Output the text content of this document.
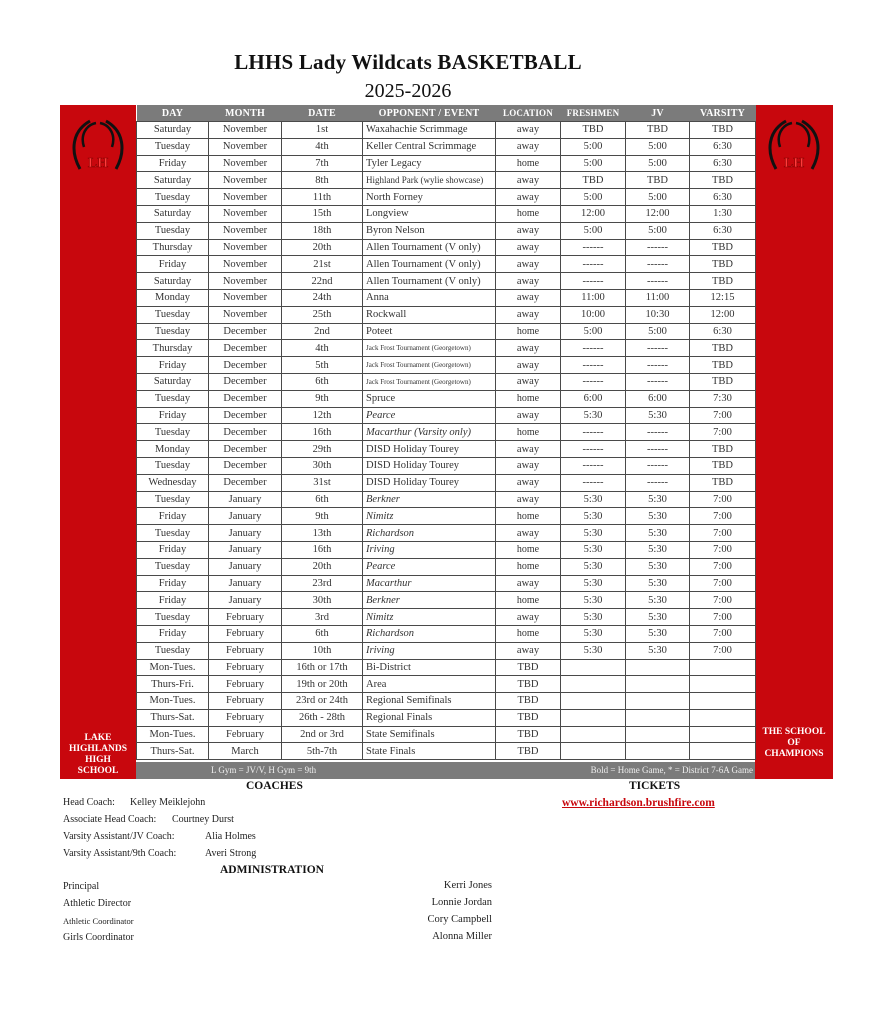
LHHS Lady Wildcats BASKETBALL
2025-2026
LH
LAKE
HIGHLANDS
HIGH
SCHOOL
LH
THE SCHOOL
OF
CHAMPIONS
DAY	MONTH	DATE	OPPONENT / EVENT	LOCATION	FRESHMEN	JV	VARSITY
Saturday	November	1st	Waxahachie Scrimmage	away	TBD	TBD	TBD
Tuesday	November	4th	Keller Central Scrimmage	away	5:00	5:00	6:30
Friday	November	7th	Tyler Legacy	home	5:00	5:00	6:30
Saturday	November	8th	Highland Park (wylie showcase)	away	TBD	TBD	TBD
Tuesday	November	11th	North Forney	away	5:00	5:00	6:30
Saturday	November	15th	Longview	home	12:00	12:00	1:30
Tuesday	November	18th	Byron Nelson	away	5:00	5:00	6:30
Thursday	November	20th	Allen Tournament (V only)	away	------	------	TBD
Friday	November	21st	Allen Tournament (V only)	away	------	------	TBD
Saturday	November	22nd	Allen Tournament (V only)	away	------	------	TBD
Monday	November	24th	Anna	away	11:00	11:00	12:15
Tuesday	November	25th	Rockwall	away	10:00	10:30	12:00
Tuesday	December	2nd	Poteet	home	5:00	5:00	6:30
Thursday	December	4th	Jack Frost Tournament (Georgetown)	away	------	------	TBD
Friday	December	5th	Jack Frost Tournament (Georgetown)	away	------	------	TBD
Saturday	December	6th	Jack Frost Tournament (Georgetown)	away	------	------	TBD
Tuesday	December	9th	Spruce	home	6:00	6:00	7:30
Friday	December	12th	Pearce	away	5:30	5:30	7:00
Tuesday	December	16th	Macarthur (Varsity only)	home	------	------	7:00
Monday	December	29th	DISD Holiday Tourey	away	------	------	TBD
Tuesday	December	30th	DISD Holiday Tourey	away	------	------	TBD
Wednesday	December	31st	DISD Holiday Tourey	away	------	------	TBD
Tuesday	January	6th	Berkner	away	5:30	5:30	7:00
Friday	January	9th	Nimitz	home	5:30	5:30	7:00
Tuesday	January	13th	Richardson	away	5:30	5:30	7:00
Friday	January	16th	Iriving	home	5:30	5:30	7:00
Tuesday	January	20th	Pearce	home	5:30	5:30	7:00
Friday	January	23rd	Macarthur	away	5:30	5:30	7:00
Friday	January	30th	Berkner	home	5:30	5:30	7:00
Tuesday	February	3rd	Nimitz	away	5:30	5:30	7:00
Friday	February	6th	Richardson	home	5:30	5:30	7:00
Tuesday	February	10th	Iriving	away	5:30	5:30	7:00
Mon-Tues.	February	16th or 17th	Bi-District	TBD			
Thurs-Fri.	February	19th or 20th	Area	TBD			
Mon-Tues.	February	23rd or 24th	Regional Semifinals	TBD			
Thurs-Sat.	February	26th - 28th	Regional Finals	TBD			
Mon-Tues.	February	2nd or 3rd	State Semifinals	TBD			
Thurs-Sat.	March	5th-7th	State Finals	TBD			
L Gym = JV/V, H Gym = 9th	Bold = Home Game, * = District 7-6A Game
COACHES
Head Coach: Kelley Meiklejohn
Associate Head Coach: Courtney Durst
Varsity Assistant/JV Coach:	Alia Holmes
Varsity Assistant/9th Coach:	Averi Strong
TICKETS
www.richardson.brushfire.com
ADMINISTRATION
Principal	Kerri Jones
Athletic Director	Lonnie Jordan
Athletic Coordinator	Cory Campbell
Girls Coordinator	Alonna Miller
